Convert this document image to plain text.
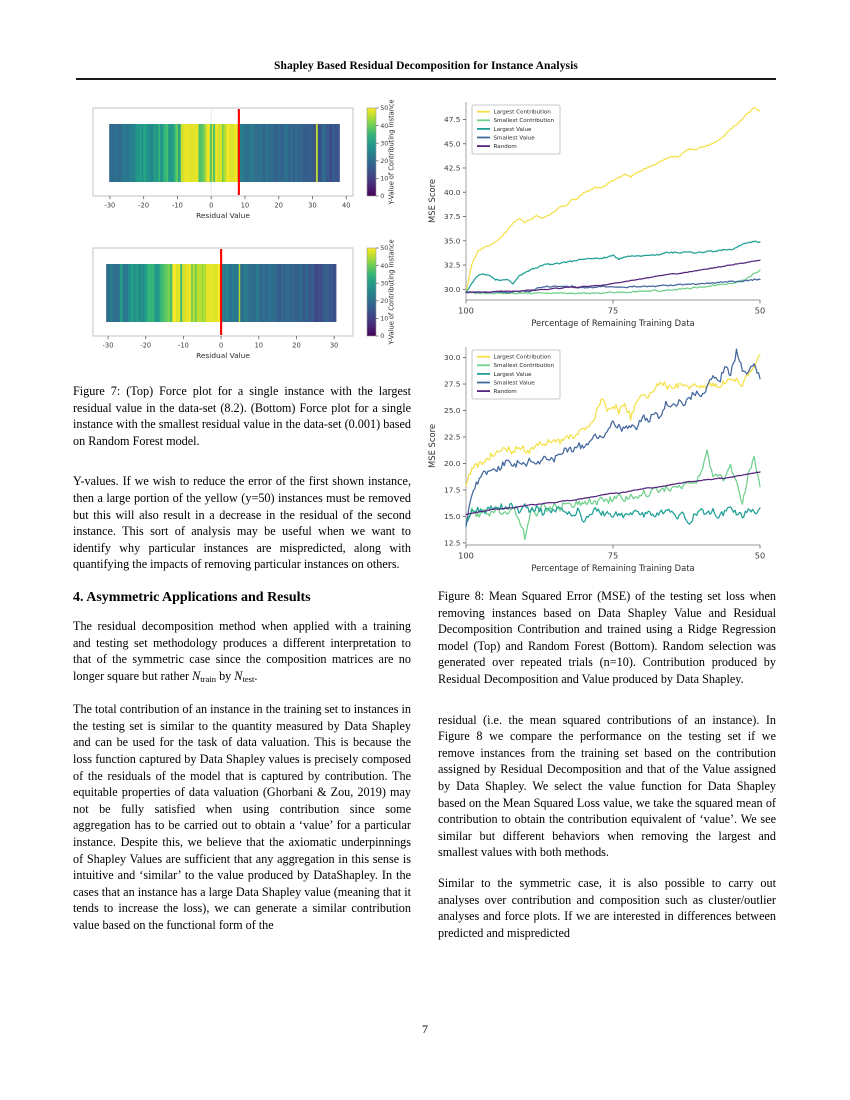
Shapley Based Residual Decomposition for Instance Analysis
-30	-20	-10	0	10	20	30	40
Residual Value
0
10
20
30
40
50 Y-Value of Contributing Instance
-30	-20	-10	0	10	20	30
Residual Value
0
10
20
30
40
50 Y-Value of Contributing Instance	30.0
32.5
35.0
37.5
40.0
42.5
45.0
47.5
100	75	50
Percentage of Remaining Training Data
MSE Score
Largest Contribution
Smallest Contribution
Largest Value
Smallest Value
Random
12.5
15.0
17.5
20.0
22.5
25.0
27.5
30.0
100	75	50
Percentage of Remaining Training Data
MSE Score
Largest Contribution
Smallest Contribution
Largest Value
Smallest Value
Random

Figure 7: (Top) Force plot for a single instance with the largest residual value in the data-set (8.2). (Bottom) Force plot for a single instance with the smallest residual value in the data-set (0.001) based on Random Forest model.

Y-values. If we wish to reduce the error of the first shown instance, then a large portion of the yellow (y=50) instances must be removed but this will also result in a decrease in the residual of the second instance. This sort of analysis may be useful when we want to identify why particular instances are mispredicted, along with quantifying the impacts of removing particular instances on others.

4. Asymmetric Applications and Results

The residual decomposition method when applied with a training and testing set methodology produces a different interpretation to that of the symmetric case since the composition matrices are no longer square but rather $N_{train}$ by $N_{test}$.

The total contribution of an instance in the training set to instances in the testing set is similar to the quantity measured by Data Shapley and can be used for the task of data valuation. This is because the loss function captured by Data Shapley values is precisely composed of the residuals of the model that is captured by contribution. The equitable properties of data valuation (Ghorbani & Zou, 2019) may not be fully satisfied when using contribution since some aggregation has to be carried out to obtain a ‘value’ for a particular instance. Despite this, we believe that the axiomatic underpinnings of Shapley Values are sufficient that any aggregation in this sense is intuitive and ‘similar’ to the value produced by DataShapley. In the cases that an instance has a large Data Shapley value (meaning that it tends to increase the loss), we can generate a similar contribution value based on the functional form of the

Figure 8: Mean Squared Error (MSE) of the testing set loss when removing instances based on Data Shapley Value and Residual Decomposition Contribution and trained using a Ridge Regression model (Top) and Random Forest (Bottom). Random selection was generated over repeated trials (n=10). Contribution produced by Residual Decomposition and Value produced by Data Shapley.

residual (i.e. the mean squared contributions of an instance). In Figure 8 we compare the performance on the testing set if we remove instances from the training set based on the contribution assigned by Residual Decomposition and that of the Value assigned by Data Shapley. We select the value function for Data Shapley based on the Mean Squared Loss value, we take the squared mean of contribution to obtain the contribution equivalent of ‘value’. We see similar but different behaviors when removing the largest and smallest values with both methods.

Similar to the symmetric case, it is also possible to carry out analyses over contribution and composition such as cluster/outlier analyses and force plots. If we are interested in differences between predicted and mispredicted

7
